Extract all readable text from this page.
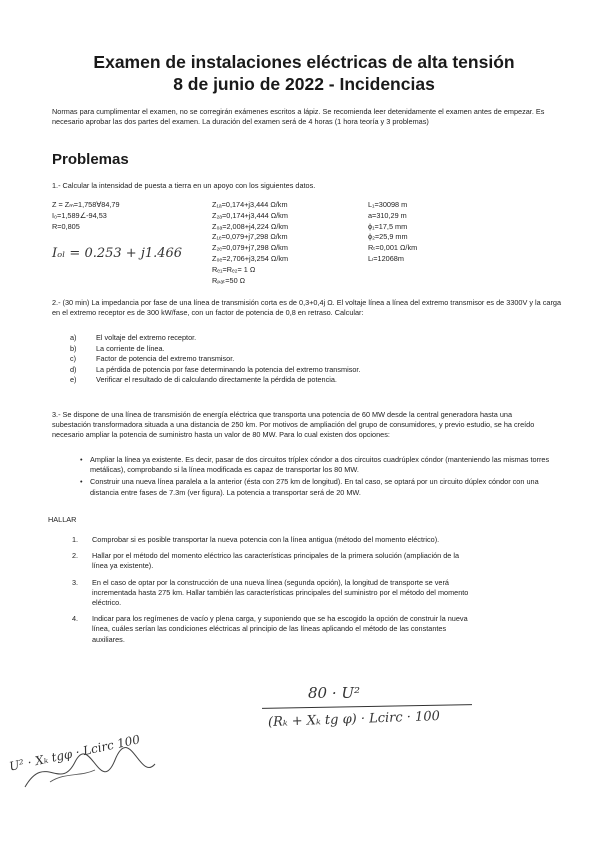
Examen de instalaciones eléctricas de alta tensión
8 de junio de 2022 - Incidencias
Normas para cumplimentar el examen, no se corregirán exámenes escritos a lápiz. Se recomienda leer detenidamente el examen antes de empezar. Es necesario aprobar las dos partes del examen. La duración del examen será de 4 horas (1 hora teoría y 3 problemas)
Problemas
1.- Calcular la intensidad de puesta a tierra en un apoyo con los siguientes datos.
Z = Zₘ=1,758∀84,79
I₀=1,589∠-94,53
R=0,805
Z₁ₐ=0,174+j3,444 Ω/km
Z₂ₐ=0,174+j3,444 Ω/km
Z₀ₐ=2,008+j4,224 Ω/km
Z₁ₑ=0,079+j7,298 Ω/km
Z₂ₑ=0,079+j7,298 Ω/km
Z₀ₑ=2,706+j3,254 Ω/km
Rₑ₁=Rₑ₂= 1 Ω
Rₚₐₜ=50 Ω
L₁=30098 m
a=310,29 m
ϕ₁=17,5 mm
ϕ₂=25,9 mm
Rₜ=0,001 Ω/km
Lₗ=12068m
Iₒₗ = 0.253 + j1.466
2.- (30 min) La impedancia por fase de una línea de transmisión corta es de 0,3+0,4j Ω. El voltaje línea a línea del extremo transmisor es de 3300V y la carga en el extremo receptor es de 300 kW/fase, con un factor de potencia de 0,8 en retraso. Calcular:
a)	El voltaje del extremo receptor.
b)	La corriente de línea.
c)	Factor de potencia del extremo transmisor.
d)	La pérdida de potencia por fase determinando la potencia del extremo transmisor.
e)	Verificar el resultado de di calculando directamente la pérdida de potencia.
3.- Se dispone de una línea de transmisión de energía eléctrica que transporta una potencia de 60 MW desde la central generadora hasta una subestación transformadora situada a una distancia de 250 km. Por motivos de ampliación del grupo de consumidores, y previo estudio, se ha creído necesario ampliar la potencia de suministro hasta un valor de 80 MW. Para lo cual existen dos opciones:
•	Ampliar la línea ya existente. Es decir, pasar de dos circuitos tríplex cóndor a dos circuitos cuadrúplex cóndor (manteniendo las mismas torres metálicas), comprobando si la línea modificada es capaz de transportar los 80 MW.
•	Construir una nueva línea paralela a la anterior (ésta con 275 km de longitud). En tal caso, se optará por un circuito dúplex cóndor con una distancia entre fases de 7.3m (ver figura). La potencia a transportar será de 20 MW.
HALLAR
1.	Comprobar si es posible transportar la nueva potencia con la línea antigua (método del momento eléctrico).
2.	Hallar por el método del momento eléctrico las características principales de la primera solución (ampliación de la línea ya existente).
3.	En el caso de optar por la construcción de una nueva línea (segunda opción), la longitud de transporte se verá incrementada hasta 275 km. Hallar también las características principales del suministro por el método del momento eléctrico.
4.	Indicar para los regímenes de vacío y plena carga, y suponiendo que se ha escogido la opción de construir la nueva línea, cuáles serían las condiciones eléctricas al principio de las líneas aplicando el método de las constantes auxiliares.
80 · U²
(Rₖ + Xₖ tg φ) · Lcirc · 100
U² · Xₖ tgφ · Lcirc 100
